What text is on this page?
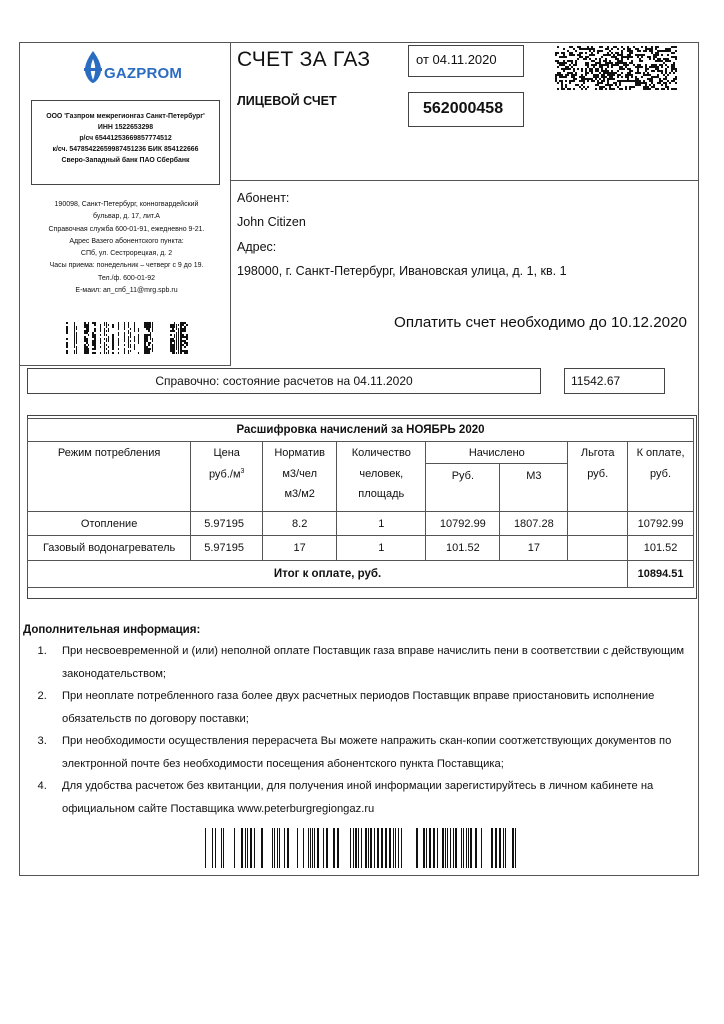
GAZPROM
ООО 'Газпром межрегионгаз Санкт-Петербург'
ИНН 1522653298
р/сч 65441253669857774512
к/сч. 54785422659987451236 БИК 854122666
Сверо-Западный банк ПАО Сбербанк
190098, Санкт-Петербург, конногвардейский
бульвар, д. 17, лит.А
Справочная служба 600-01-91, ежедневно 9-21.
Адрес Вазего абонентского пункта:
СПб, ул. Сестрорецкая, д. 2
Часы приема: понедельник – четверг с 9 до 19.
Тел./ф. 600-01-92
Е-маил: ап_спб_11@mrg.spb.ru
СЧЕТ ЗА ГАЗ
ЛИЦЕВОЙ СЧЕТ
от 04.11.2020
562000458
Абонент:
John Citizen
Адрес:
198000, г. Санкт-Петербург, Ивановская улица, д. 1, кв. 1
Оплатить счет необходимо до 10.12.2020
Справочно: состояние расчетов на 04.11.2020	11542.67
Расшифровка начислений за НОЯБРЬ 2020							
Режим потребления	Цена	Норматив	Количество	Начислено		Льгота	К оплате,
	$руб./м^3$	м3/чел	человек,	Руб.	М3	руб.	руб.
		м3/м2	площадь				
Отопление	5.97195	8.2	1	10792.99	1807.28		10792.99
Газовый водонагреватель	5.97195	17	1	101.52	17		101.52
Итог к оплате, руб.							10894.51
Дополнительная информация:
1. При несвоевременной и (или) неполной оплате Поставщик газа вправе начислить пени в соответствии с действующим законодательством;
2. При неоплате потребленного газа более двух расчетных периодов Поставщик вправе приостановить исполнение обязательств по договору поставки;
3. При необходимости осуществления перерасчета Вы можете напражить скан-копии соотжетствующих документов по электронной почте без необходимости посещения абонентского пункта Поставщика;
4. Для удобства расчетож без квитанции, для получения иной информации зарегистируйтесь в личном кабинете на официальном сайте Поставщика www.peterburgregiongaz.ru
